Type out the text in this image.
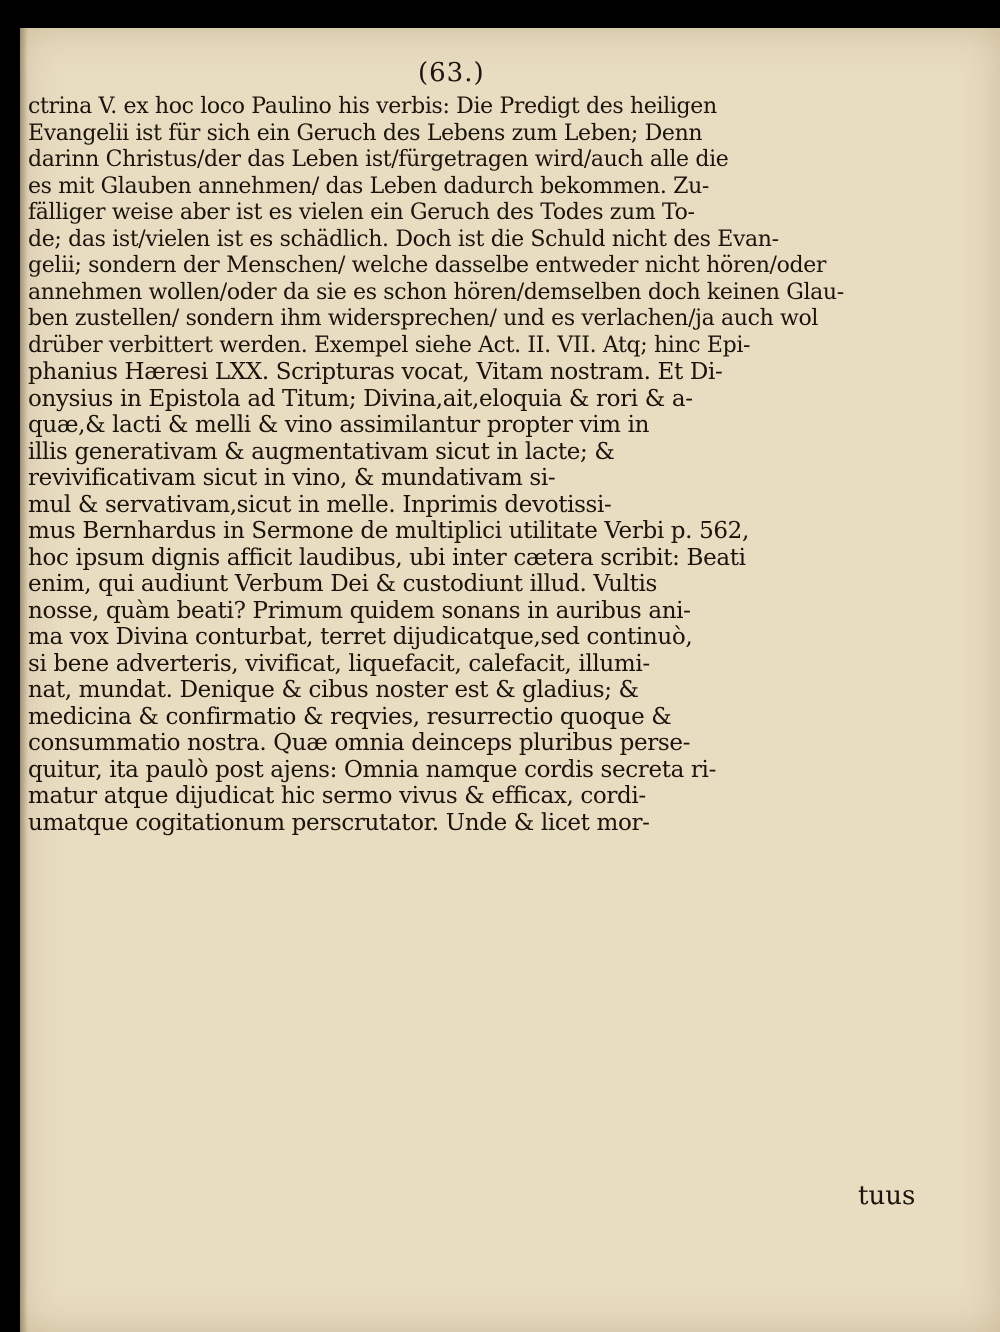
(63.)
ctrina V. ex hoc loco Paulino his verbis: Die Predigt des heiligen
Evangelii ist für sich ein Geruch des Lebens zum Leben; Denn
darinn Christus/der das Leben ist/fürgetragen wird/auch alle die
es mit Glauben annehmen/ das Leben dadurch bekommen. Zu-
fälliger weise aber ist es vielen ein Geruch des Todes zum To-
de; das ist/vielen ist es schädlich. Doch ist die Schuld nicht des Evan-
gelii; sondern der Menschen/ welche dasselbe entweder nicht hören/oder
annehmen wollen/oder da sie es schon hören/demselben doch keinen Glau-
ben zustellen/ sondern ihm widersprechen/ und es verlachen/ja auch wol
drüber verbittert werden. Exempel siehe Act. II. VII. Atq; hinc Epi-
phanius Hæresi LXX. Scripturas vocat, Vitam nostram. Et Di-
onysius in Epistola ad Titum; Divina,ait,eloquia & rori & a-
quæ,& lacti & melli & vino assimilantur propter vim in
illis generativam & augmentativam sicut in lacte; &
revivificativam sicut in vino, & mundativam si-
mul & servativam,sicut in melle. Inprimis devotissi-
mus Bernhardus in Sermone de multiplici utilitate Verbi p. 562,
hoc ipsum dignis afficit laudibus, ubi inter cætera scribit: Beati
enim, qui audiunt Verbum Dei & custodiunt illud. Vultis
nosse, quàm beati? Primum quidem sonans in auribus ani-
ma vox Divina conturbat, terret dijudicatque,sed continuò,
si bene adverteris, vivificat, liquefacit, calefacit, illumi-
nat, mundat. Denique & cibus noster est & gladius; &
medicina & confirmatio & reqvies, resurrectio quoque &
consummatio nostra. Quæ omnia deinceps pluribus perse-
quitur, ita paulò post ajens: Omnia namque cordis secreta ri-
matur atque dijudicat hic sermo vivus & efficax, cordi-
umatque cogitationum perscrutator. Unde & licet mor-
tuus
